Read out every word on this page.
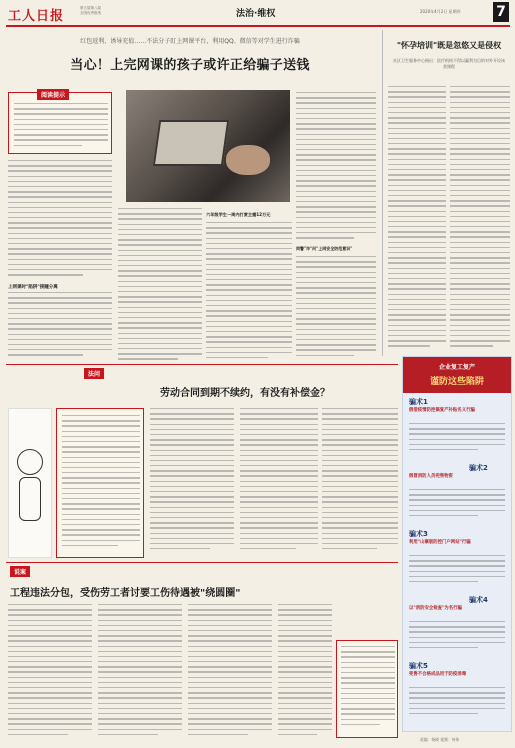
工人日报
第五届第八届
全国优秀报纸	法治·维权	2020年4月2日 星期四	7
红包返利、诱导充值……不法分子盯上网课平台，利用QQ、微信等对学生进行诈骗
当心！上完网课的孩子或许正给骗子送钱
阅读提示
上网课时"陷阱"接踵分离
六年级学生一周内打赏主播12万元
同警"诈"问"上网安全防范意识"
"怀孕培训"既是忽悠又是侵权
社区卫生服务中心指出：医疗机构不得以赢利为目的对外开设该类课程
法问
劳动合同到期不续约，有没有补偿金？
说案
工程违法分包，受伤劳工者讨要工伤待遇被"绕圆圈"
企业复工复产
谨防这些陷阱
骗术1
假借疫情防控搞复产补贴名义行骗
骗术2
假冒消防人员兜售物资
骗术3
利用"山寨版防控门户网站"行骗
骗术4
以"消防安全检查"为名行骗
骗术5
兜售不合格成品用于防疫消毒
责编：杨晓 视频：何伟
